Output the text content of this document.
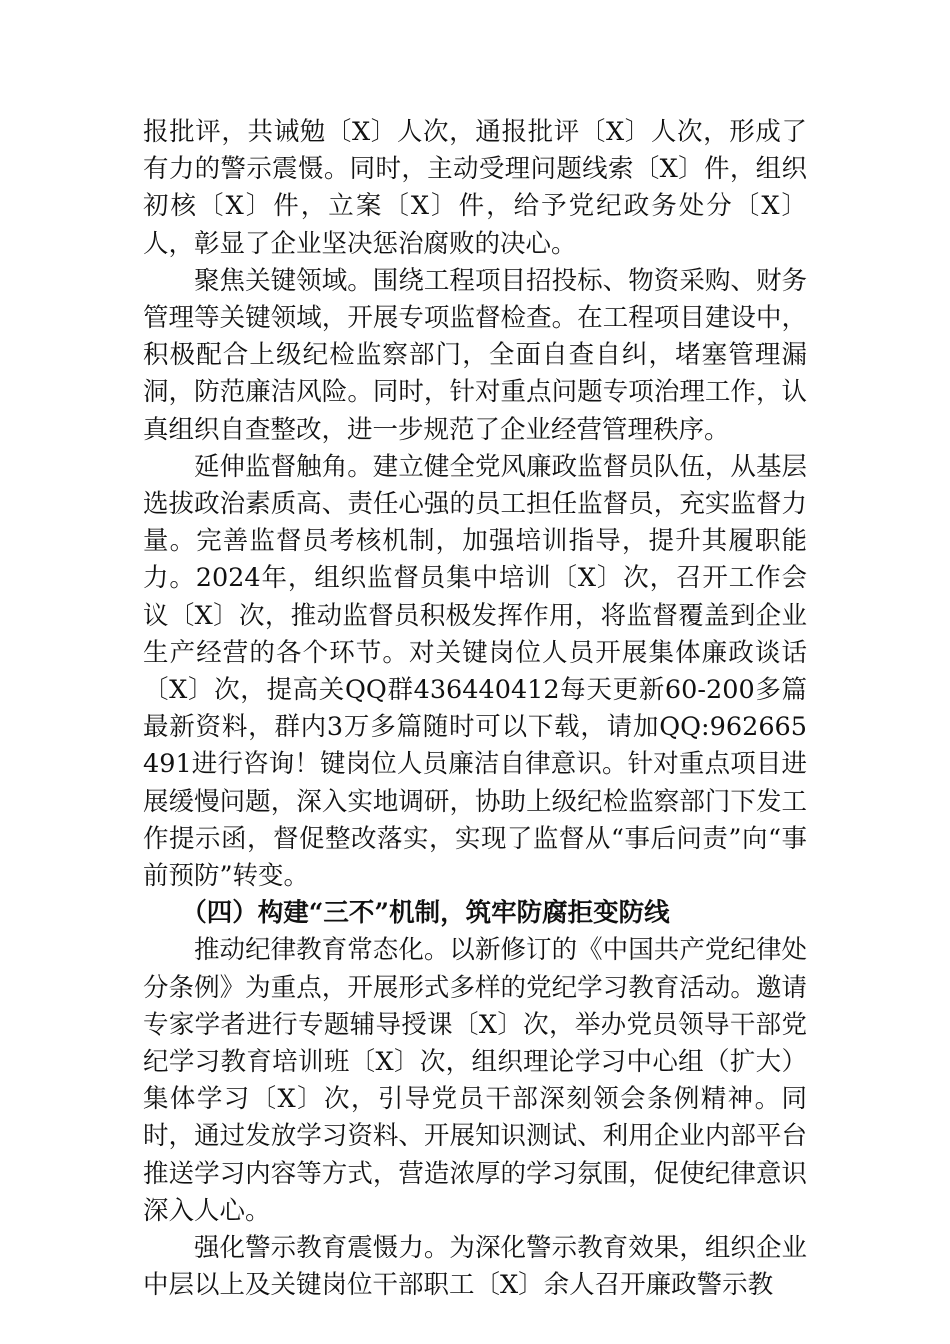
报批评，共诫勉〔X〕人次，通报批评〔X〕人次，形成了有力的警示震慑。同时，主动受理问题线索〔X〕件，组织初核〔X〕件，立案〔X〕件，给予党纪政务处分〔X〕人，彰显了企业坚决惩治腐败的决心。

聚焦关键领域。围绕工程项目招投标、物资采购、财务管理等关键领域，开展专项监督检查。在工程项目建设中，积极配合上级纪检监察部门，全面自查自纠，堵塞管理漏洞，防范廉洁风险。同时，针对重点问题专项治理工作，认真组织自查整改，进一步规范了企业经营管理秩序。

延伸监督触角。建立健全党风廉政监督员队伍，从基层选拔政治素质高、责任心强的员工担任监督员，充实监督力量。完善监督员考核机制，加强培训指导，提升其履职能力。2024年，组织监督员集中培训〔X〕次，召开工作会议〔X〕次，推动监督员积极发挥作用，将监督覆盖到企业生产经营的各个环节。对关键岗位人员开展集体廉政谈话〔X〕次，提高关QQ群436440412每天更新60-200多篇最新资料，群内3万多篇随时可以下载，请加QQ:962665491进行咨询！键岗位人员廉洁自律意识。针对重点项目进展缓慢问题，深入实地调研，协助上级纪检监察部门下发工作提示函，督促整改落实，实现了监督从“事后问责”向“事前预防”转变。

（四）构建“三不”机制，筑牢防腐拒变防线

推动纪律教育常态化。以新修订的《中国共产党纪律处分条例》为重点，开展形式多样的党纪学习教育活动。邀请专家学者进行专题辅导授课〔X〕次，举办党员领导干部党纪学习教育培训班〔X〕次，组织理论学习中心组（扩大）集体学习〔X〕次，引导党员干部深刻领会条例精神。同时，通过发放学习资料、开展知识测试、利用企业内部平台推送学习内容等方式，营造浓厚的学习氛围，促使纪律意识深入人心。

强化警示教育震慑力。为深化警示教育效果，组织企业中层以上及关键岗位干部职工〔X〕余人召开廉政警示教
